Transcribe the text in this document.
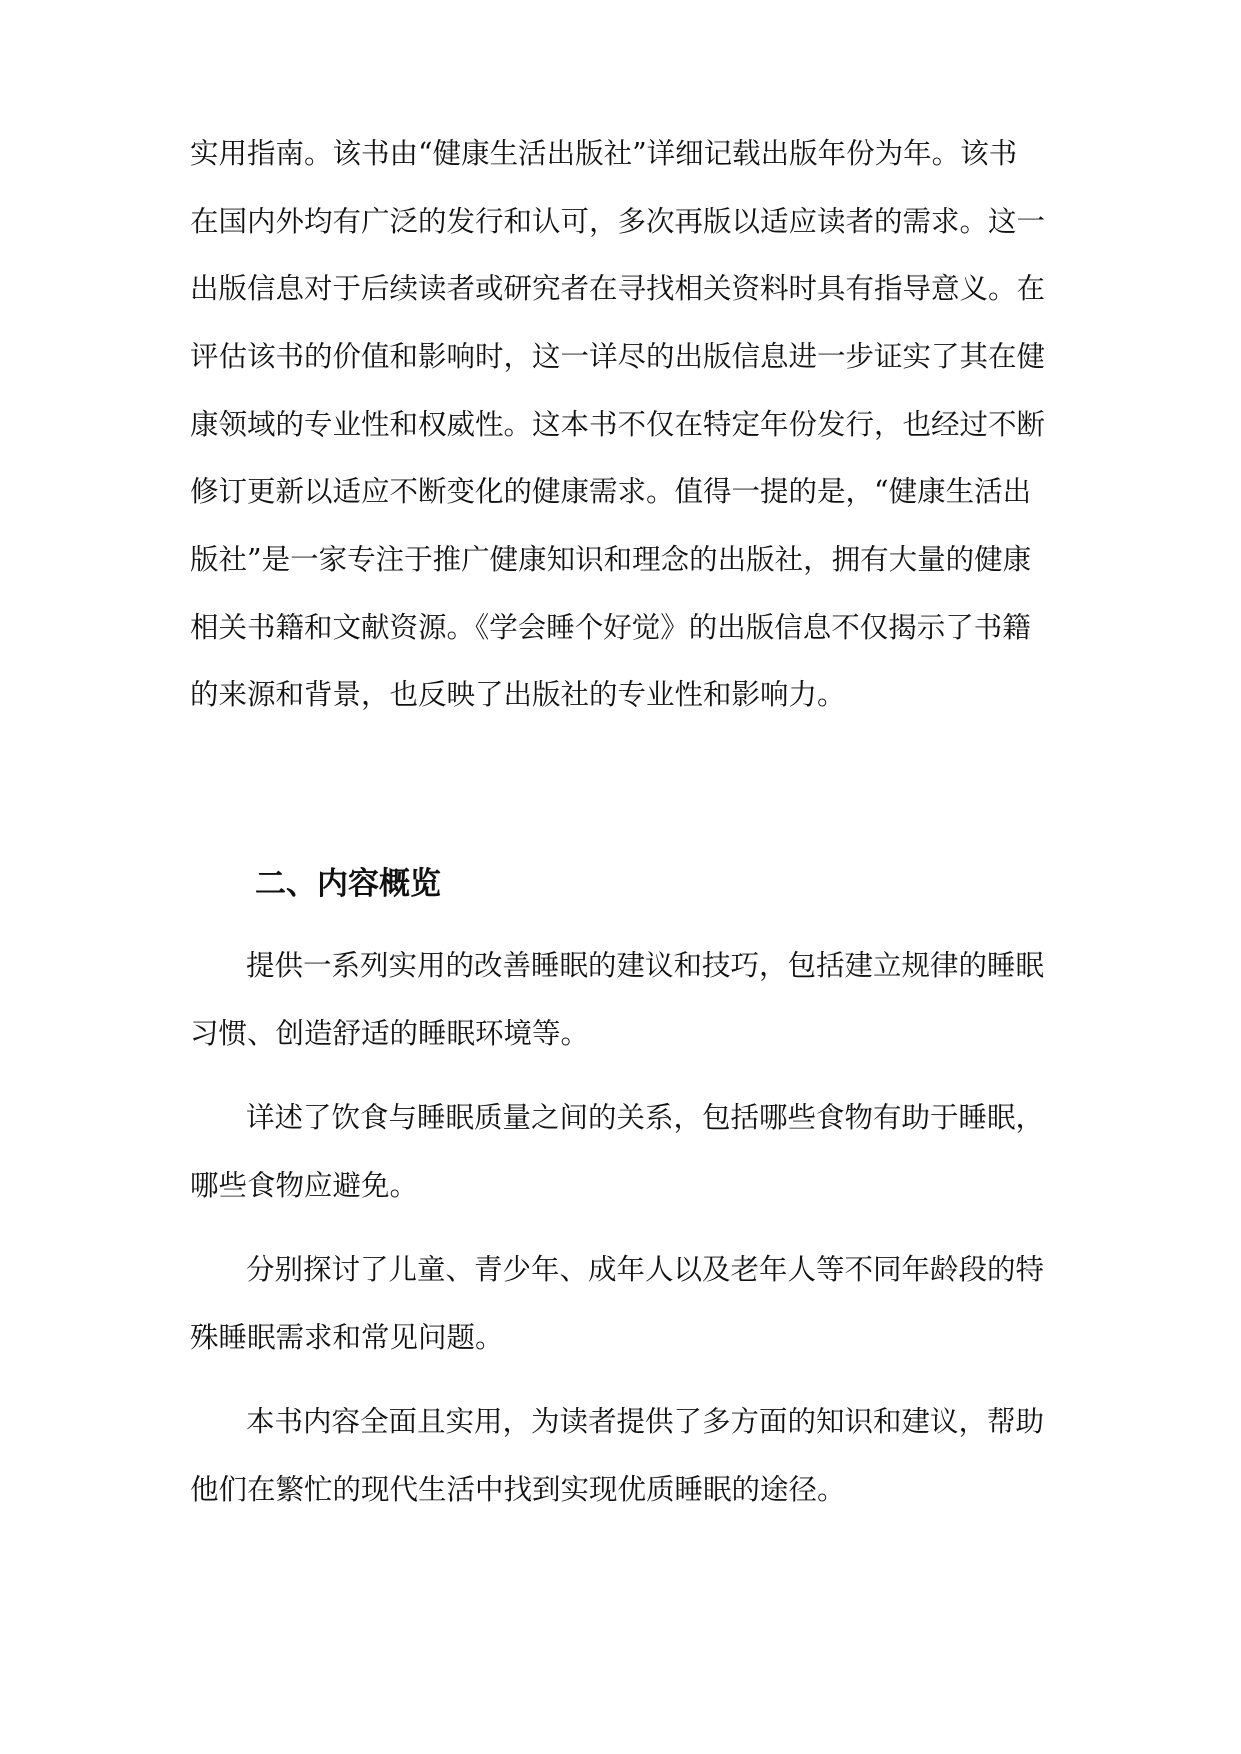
实用指南。该书由“健康生活出版社”详细记载出版年份为年。该书
在国内外均有广泛的发行和认可，多次再版以适应读者的需求。这一
出版信息对于后续读者或研究者在寻找相关资料时具有指导意义。在
评估该书的价值和影响时，这一详尽的出版信息进一步证实了其在健
康领域的专业性和权威性。这本书不仅在特定年份发行，也经过不断
修订更新以适应不断变化的健康需求。值得一提的是，“健康生活出
版社”是一家专注于推广健康知识和理念的出版社，拥有大量的健康
相关书籍和文献资源。《学会睡个好觉》的出版信息不仅揭示了书籍
的来源和背景，也反映了出版社的专业性和影响力。
二、内容概览
提供一系列实用的改善睡眠的建议和技巧，包括建立规律的睡眠
习惯、创造舒适的睡眠环境等。
详述了饮食与睡眠质量之间的关系，包括哪些食物有助于睡眠，
哪些食物应避免。
分别探讨了儿童、青少年、成年人以及老年人等不同年龄段的特
殊睡眠需求和常见问题。
本书内容全面且实用，为读者提供了多方面的知识和建议，帮助
他们在繁忙的现代生活中找到实现优质睡眠的途径。
